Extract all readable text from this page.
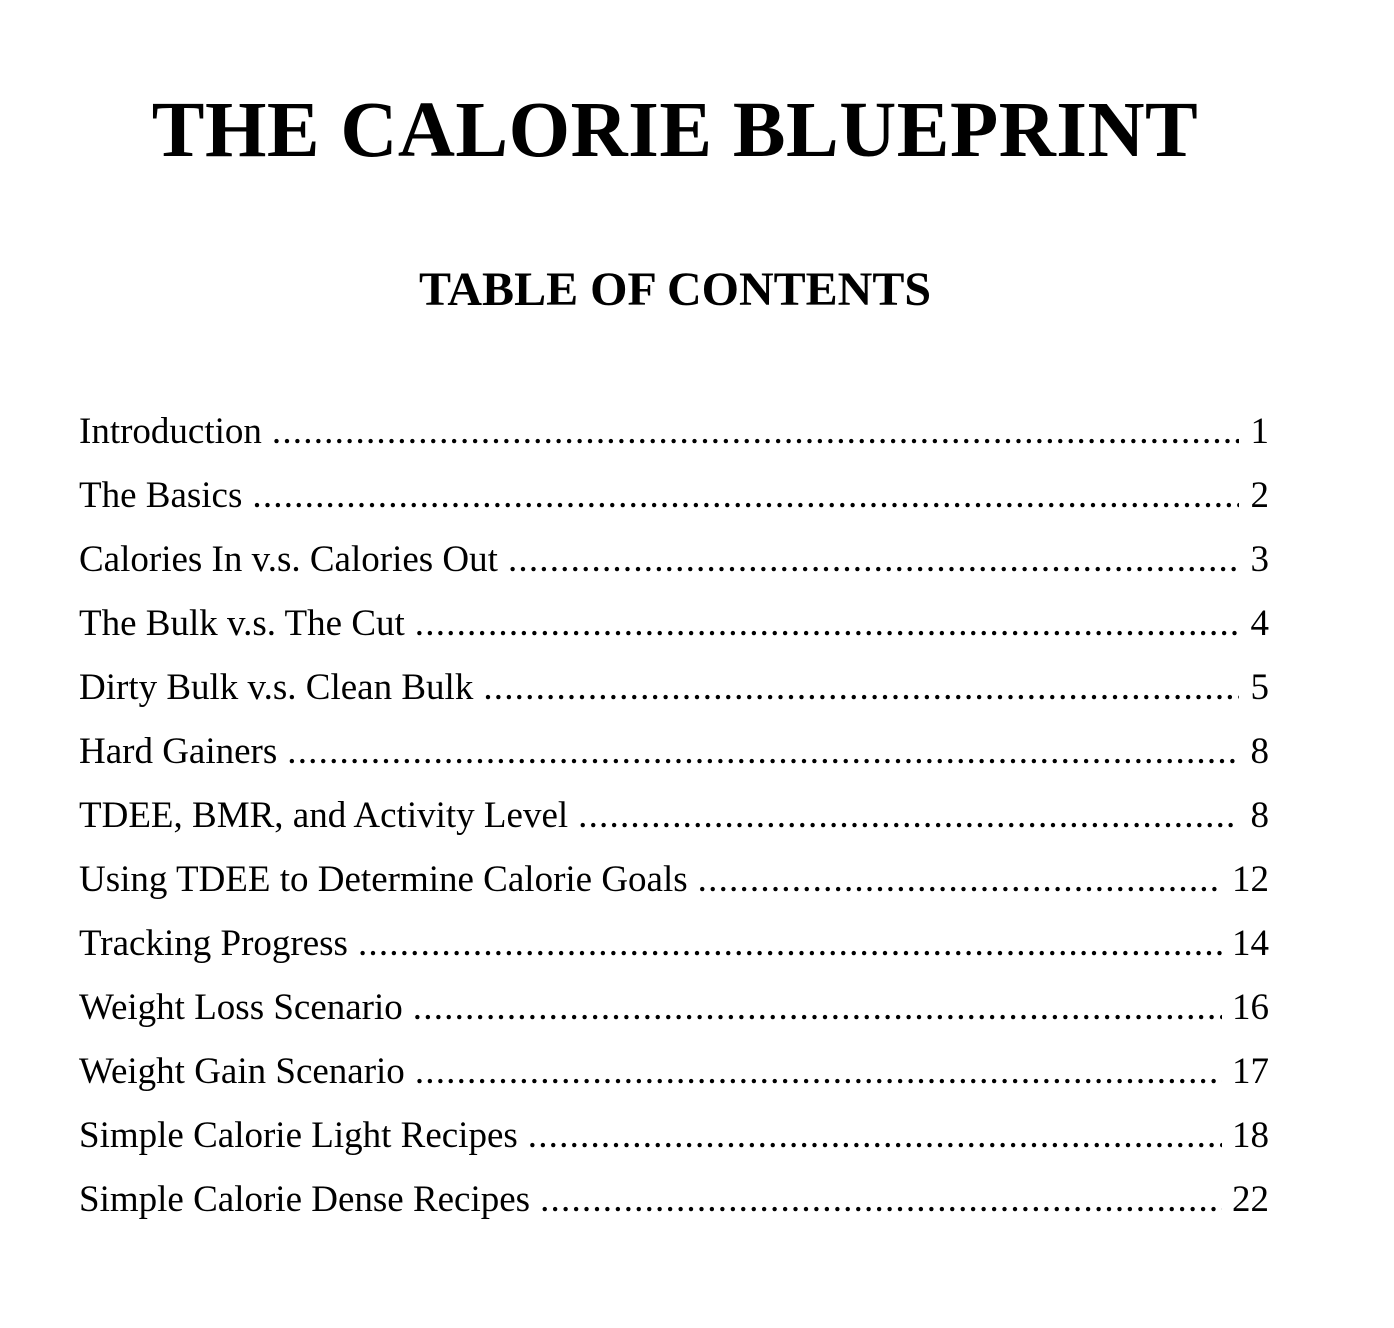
THE CALORIE BLUEPRINT
TABLE OF CONTENTS
Introduction .....	1
The Basics .....	2
Calories In v.s. Calories Out .....	3
The Bulk v.s. The Cut .....	4
Dirty Bulk v.s. Clean Bulk .....	5
Hard Gainers .....	8
TDEE, BMR, and Activity Level .....	8
Using TDEE to Determine Calorie Goals .....	12
Tracking Progress .....	14
Weight Loss Scenario .....	16
Weight Gain Scenario .....	17
Simple Calorie Light Recipes .....	18
Simple Calorie Dense Recipes .....	22
